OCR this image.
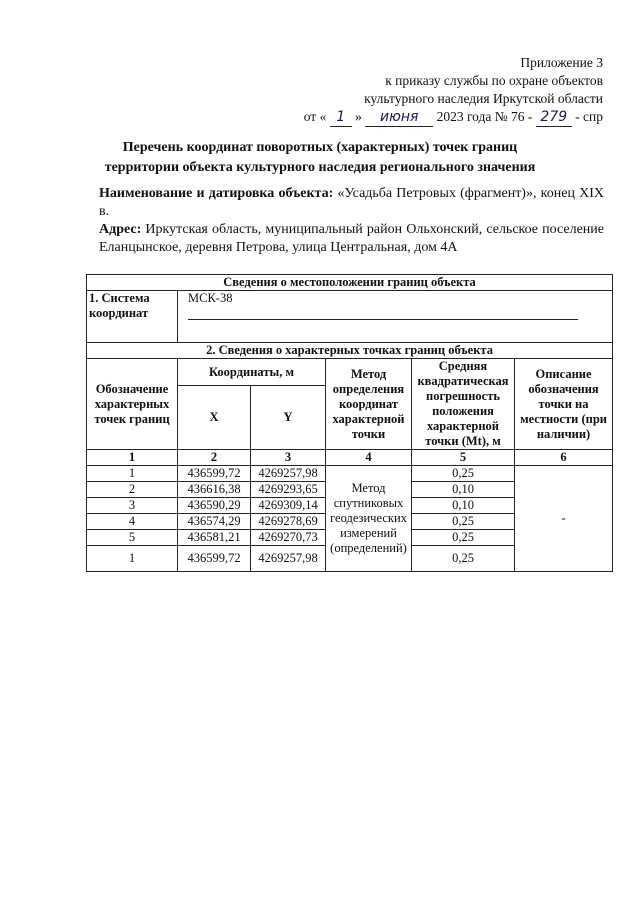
Приложение 3
к приказу службы по охране объектов
культурного наследия Иркутской области
от « 1 » июня 2023 года № 76 - 279 - спр
Перечень координат поворотных (характерных) точек границ
территории объекта культурного наследия регионального значения
Наименование и датировка объекта: «Усадьба Петровых (фрагмент)», конец XIX в.
Адрес: Иркутская область, муниципальный район Ольхонский, сельское поселение Еланцынское, деревня Петрова, улица Центральная, дом 4А
Сведения о местоположении границ объекта					
1. Система координат	МСК-38				

2. Сведения о характерных точках границ объекта					
Обозначение характерных точек границ	Координаты, м		Метод определения координат характерной точки	Средняя квадратическая погрешность положения характерной точки (Mt), м	Описание обозначения точки на местности (при наличии)
	X	Y			
1	2	3	4	5	6
1	436599,72	4269257,98	Метод спутниковых геодезических измерений (определений)	0,25	-
2	436616,38	4269293,65		0,10	
3	436590,29	4269309,14		0,10	
4	436574,29	4269278,69		0,25	
5	436581,21	4269270,73		0,25	
1	436599,72	4269257,98		0,25	
